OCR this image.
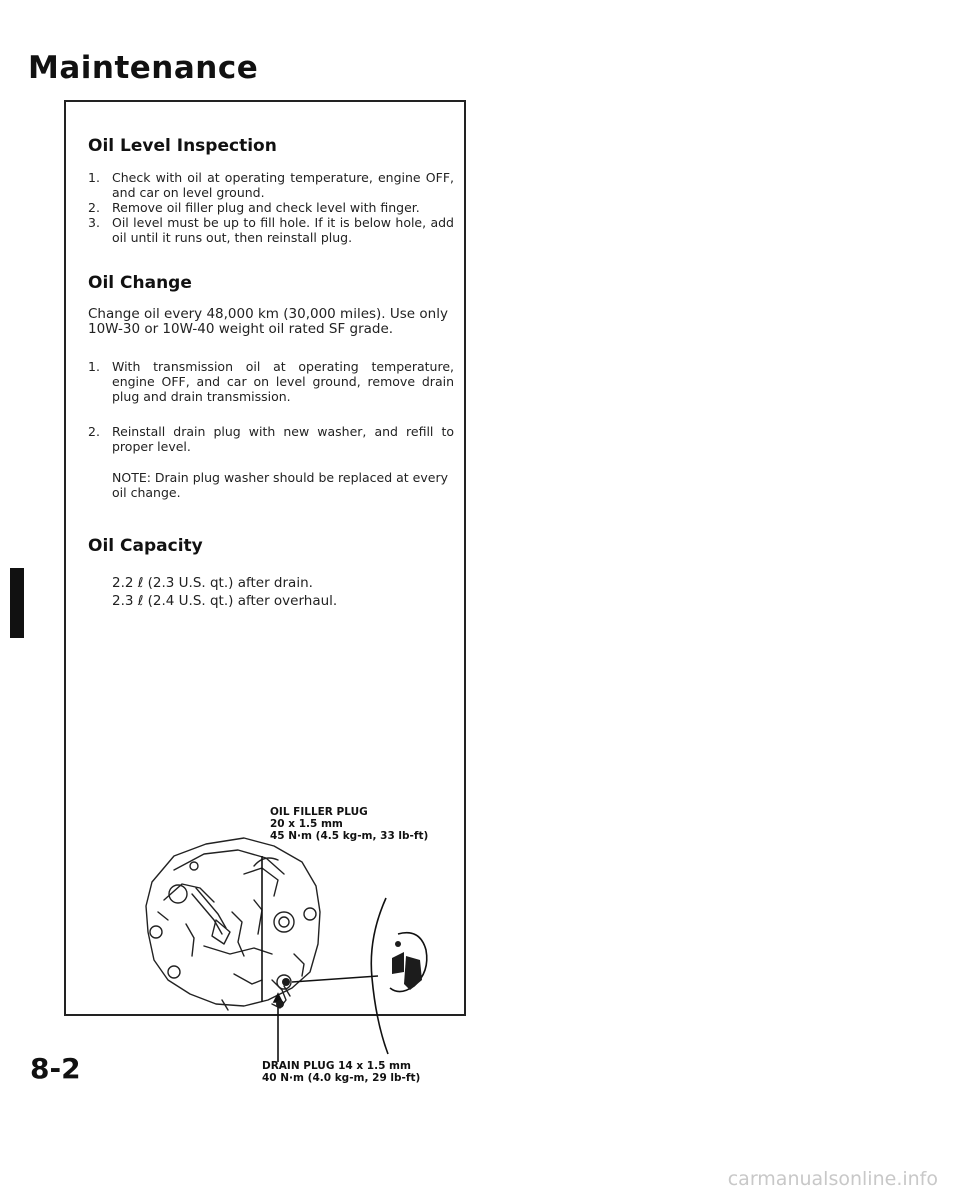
Maintenance
Oil Level Inspection
1. Check with oil at operating temperature, engine OFF, and car on level ground.
2. Remove oil filler plug and check level with finger.
3. Oil level must be up to fill hole. If it is below hole, add oil until it runs out, then reinstall plug.
Oil Change

Change oil every 48,000 km (30,000 miles). Use only 10W-30 or 10W-40 weight oil rated SF grade.

1. With transmission oil at operating temperature, engine OFF, and car on level ground, remove drain plug and drain transmission.
2. Reinstall drain plug with new washer, and refill to proper level.

NOTE: Drain plug washer should be replaced at every oil change.

Oil Capacity

2.2 ℓ (2.3 U.S. qt.) after drain.

2.3 ℓ (2.4 U.S. qt.) after overhaul.

OIL FILLER PLUG
20 x 1.5 mm
45 N·m (4.5 kg-m, 33 lb-ft)
DRAIN PLUG 14 x 1.5 mm
40 N·m (4.0 kg-m, 29 lb-ft)
8-2
carmanualsonline.info
